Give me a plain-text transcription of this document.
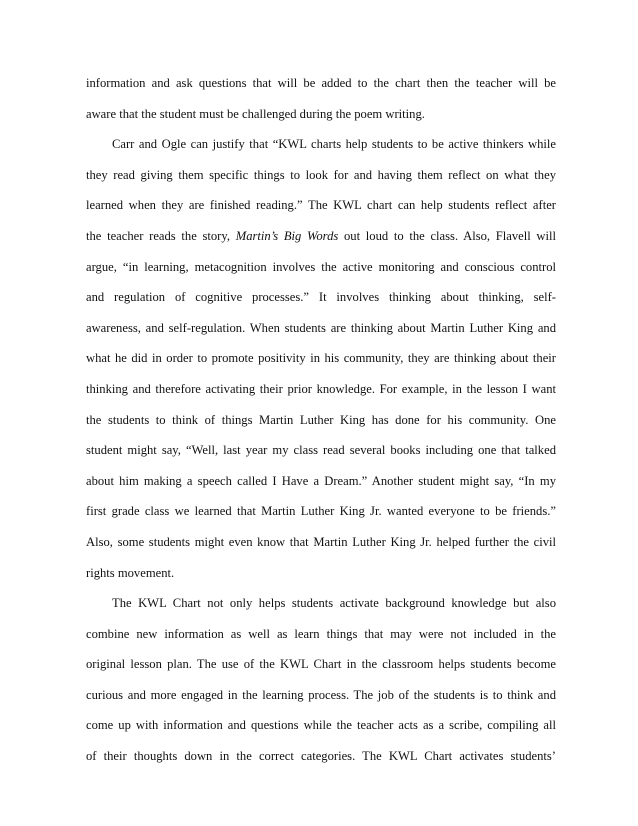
information and ask questions that will be added to the chart then the teacher will be
aware that the student must be challenged during the poem writing.
Carr and Ogle can justify that “KWL charts help students to be active thinkers while
they read giving them specific things to look for and having them reflect on what they
learned when they are finished reading.” The KWL chart can help students reflect after
the teacher reads the story, Martin’s Big Words out loud to the class. Also, Flavell will
argue, “in learning, metacognition involves the active monitoring and conscious control
and regulation of cognitive processes.” It involves thinking about thinking, self-
awareness, and self-regulation. When students are thinking about Martin Luther King and
what he did in order to promote positivity in his community, they are thinking about their
thinking and therefore activating their prior knowledge. For example, in the lesson I want
the students to think of things Martin Luther King has done for his community. One
student might say, “Well, last year my class read several books including one that talked
about him making a speech called I Have a Dream.” Another student might say, “In my
first grade class we learned that Martin Luther King Jr. wanted everyone to be friends.”
Also, some students might even know that Martin Luther King Jr. helped further the civil
rights movement.
The KWL Chart not only helps students activate background knowledge but also
combine new information as well as learn things that may were not included in the
original lesson plan. The use of the KWL Chart in the classroom helps students become
curious and more engaged in the learning process. The job of the students is to think and
come up with information and questions while the teacher acts as a scribe, compiling all
of their thoughts down in the correct categories. The KWL Chart activates students’
